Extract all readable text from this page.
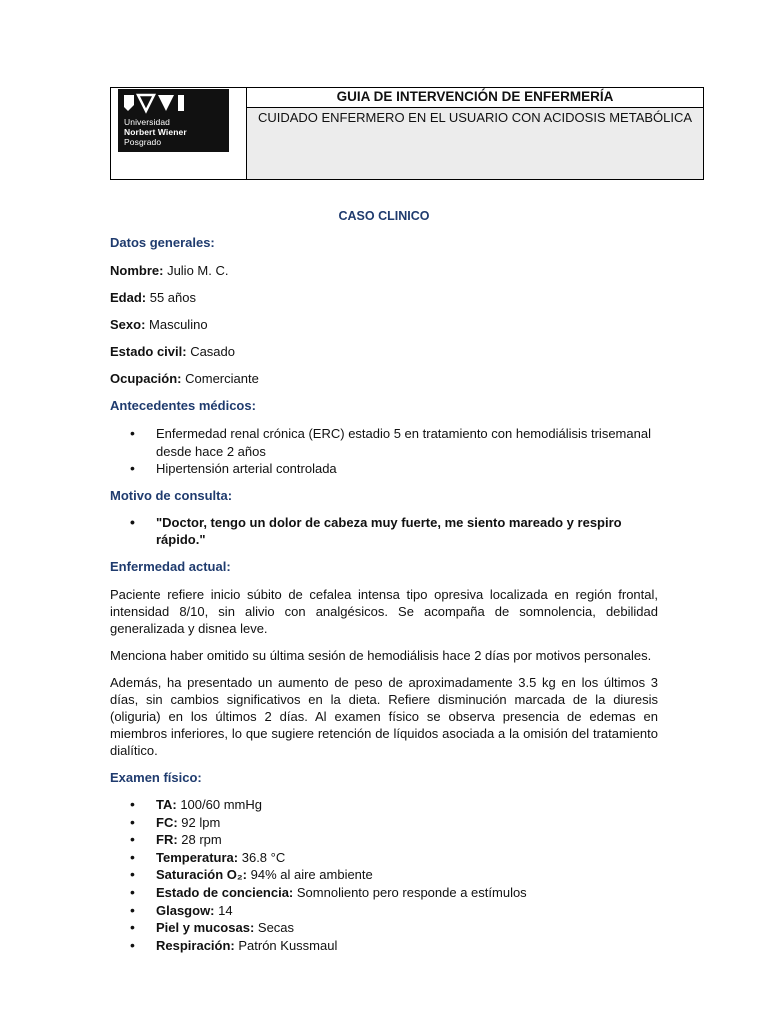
Universidad
Norbert Wiener
Posgrado
GUIA DE INTERVENCIÓN DE ENFERMERÍA
CUIDADO ENFERMERO EN EL USUARIO CON ACIDOSIS METABÓLICA

CASO CLINICO

Datos generales:

Nombre: Julio M. C.

Edad: 55 años

Sexo: Masculino

Estado civil: Casado

Ocupación: Comerciante

Antecedentes médicos:

• Enfermedad renal crónica (ERC) estadio 5 en tratamiento con hemodiálisis trisemanal desde hace 2 años
• Hipertensión arterial controlada

Motivo de consulta:

• "Doctor, tengo un dolor de cabeza muy fuerte, me siento mareado y respiro rápido."

Enfermedad actual:

Paciente refiere inicio súbito de cefalea intensa tipo opresiva localizada en región frontal, intensidad 8/10, sin alivio con analgésicos. Se acompaña de somnolencia, debilidad generalizada y disnea leve.

Menciona haber omitido su última sesión de hemodiálisis hace 2 días por motivos personales.

Además, ha presentado un aumento de peso de aproximadamente 3.5 kg en los últimos 3 días, sin cambios significativos en la dieta. Refiere disminución marcada de la diuresis (oliguria) en los últimos 2 días. Al examen físico se observa presencia de edemas en miembros inferiores, lo que sugiere retención de líquidos asociada a la omisión del tratamiento dialítico.

Examen físico:

• TA: 100/60 mmHg
• FC: 92 lpm
• FR: 28 rpm
• Temperatura: 36.8 °C
• Saturación O₂: 94% al aire ambiente
• Estado de conciencia: Somnoliento pero responde a estímulos
• Glasgow: 14
• Piel y mucosas: Secas
• Respiración: Patrón Kussmaul
